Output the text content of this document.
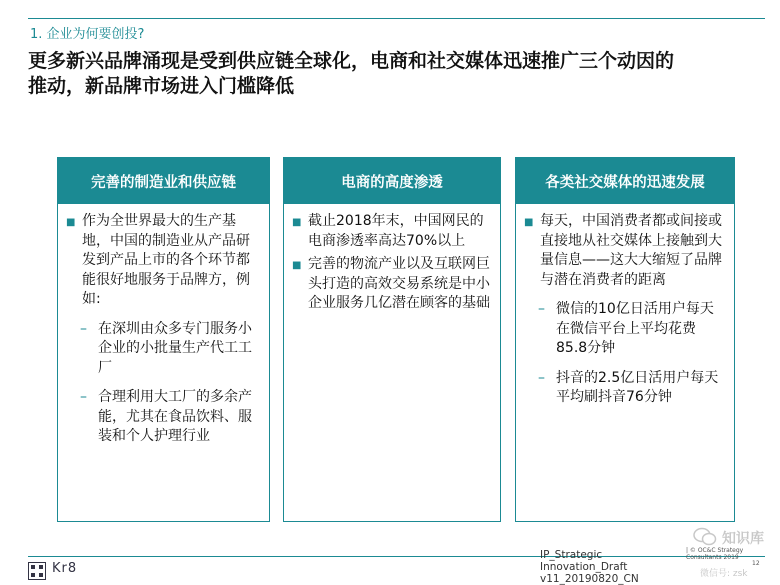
1. 企业为何要创投?
更多新兴品牌涌现是受到供应链全球化，电商和社交媒体迅速推广三个动因的
推动，新品牌市场进入门槛降低
完善的制造业和供应链
■ 作为全世界最大的生产基地，中国的制造业从产品研发到产品上市的各个环节都能很好地服务于品牌方，例如:
– 在深圳由众多专门服务小企业的小批量生产代工工厂
– 合理利用大工厂的多余产能，尤其在食品饮料、服装和个人护理行业
电商的高度渗透
■ 截止2018年末，中国网民的电商渗透率高达70%以上
■ 完善的物流产业以及互联网巨头打造的高效交易系统是中小企业服务几亿潜在顾客的基础
各类社交媒体的迅速发展
■ 每天，中国消费者都或间接或直接地从社交媒体上接触到大量信息——这大大缩短了品牌与潜在消费者的距离
– 微信的10亿日活用户每天在微信平台上平均花费85.8分钟
– 抖音的2.5亿日活用户每天平均刷抖音76分钟
Kr8
IP_Strategic
Innovation_Draft
v11_20190820_CN
| © OC&C Strategy Consultants 2019
12
知识库
微信号: zsk
